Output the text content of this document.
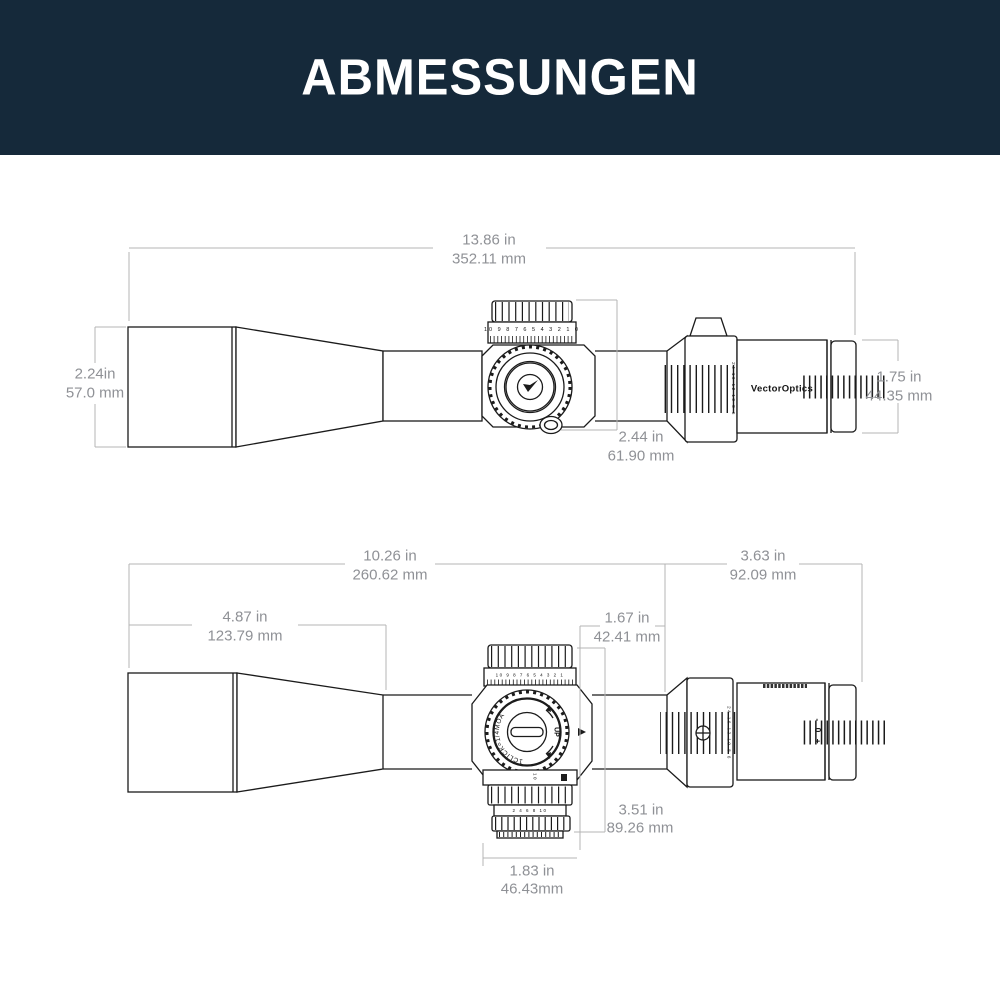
ABMESSUNGEN
10 9 8 7 6 5 4 3 2 1 0
24 16 12 10 8 6 VectorOptics
13.86 in
352.11 mm
2.24in
57.0 mm
1.75 in
44.35 mm
2.44 in
61.90 mm
10 9 8 7 6 5 4 3 2 1
1CLICK=1/4MOA
UP
10
2 4 6 8 10
24 16 12 10 8 6	- 0 +
10.26 in
260.62 mm
3.63 in
92.09 mm
4.87 in
123.79 mm
1.67 in
42.41 mm
3.51 in
89.26 mm
1.83 in
46.43mm
